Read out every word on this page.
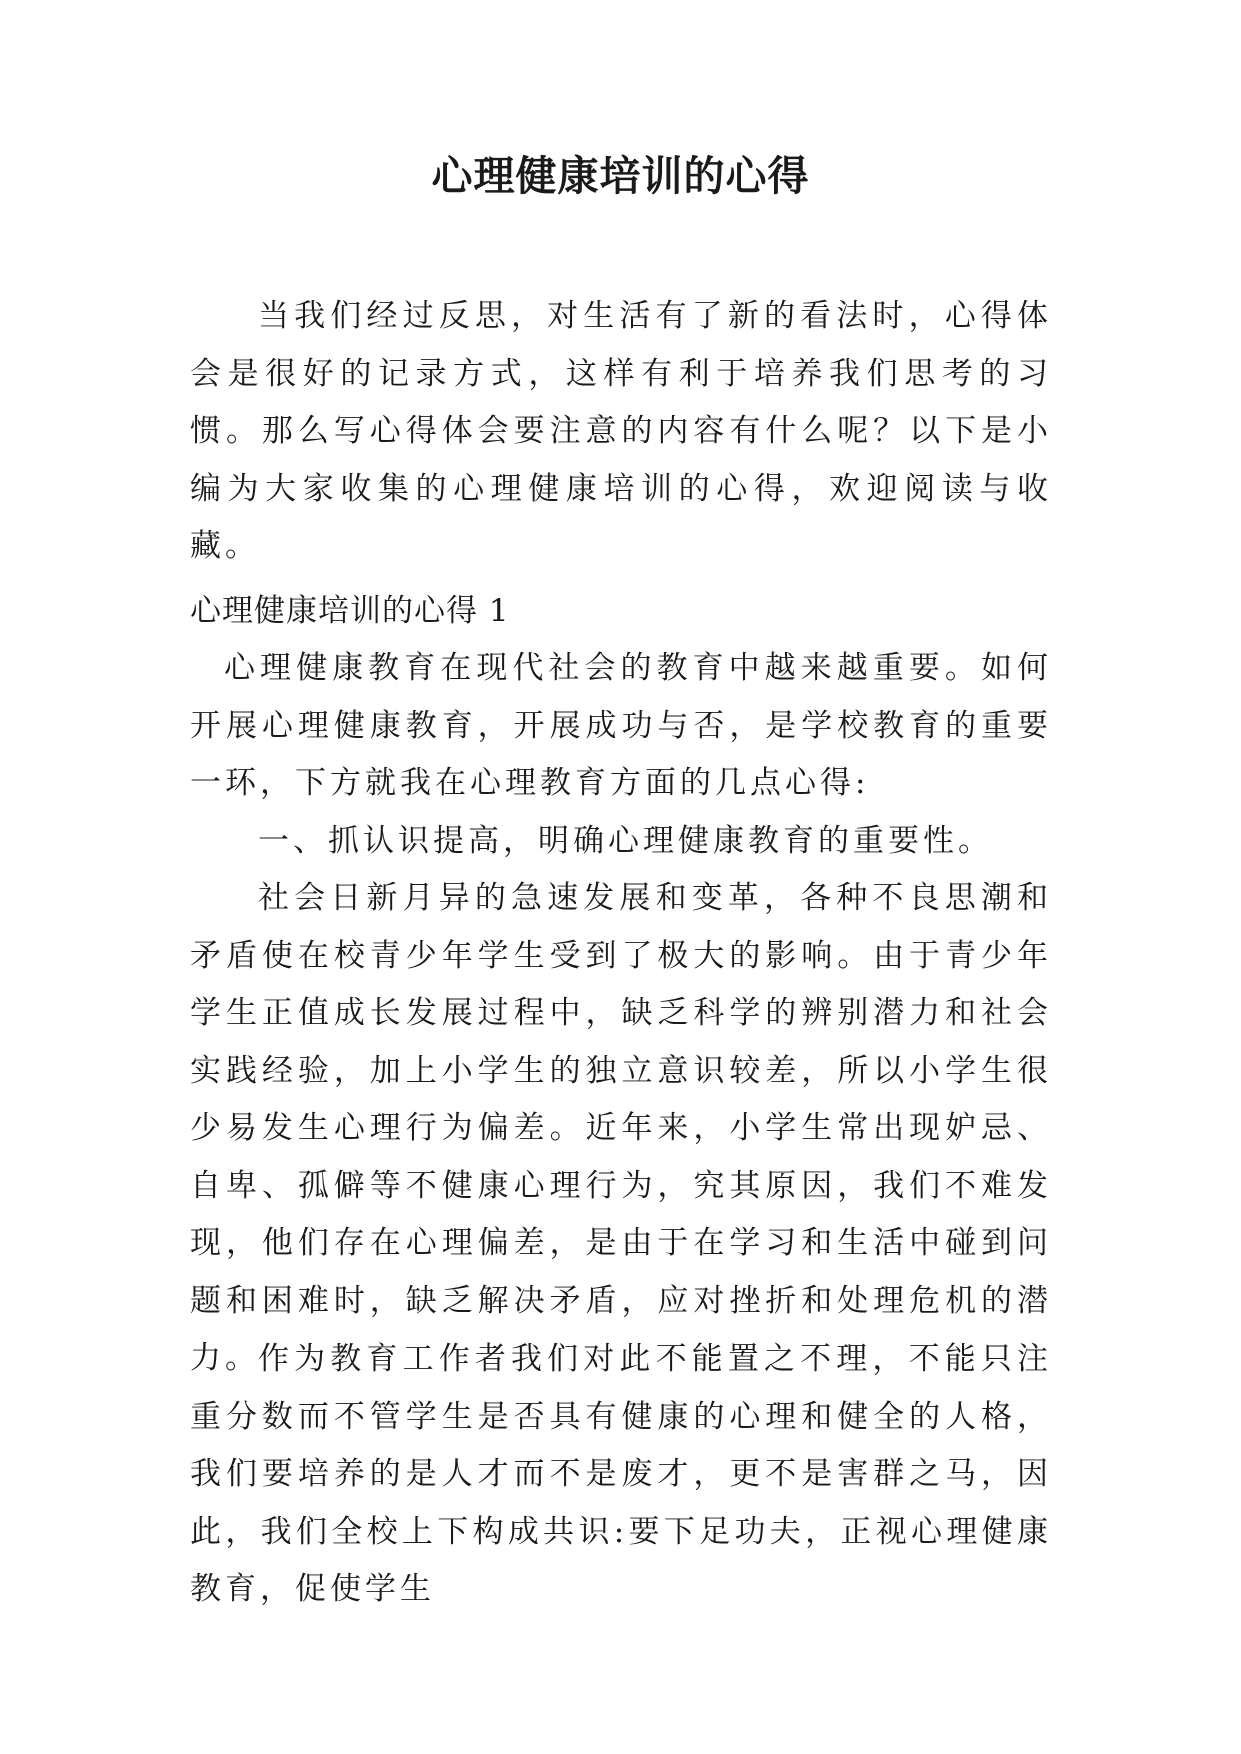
心理健康培训的心得

当我们经过反思，对生活有了新的看法时，心得体会是很好的记录方式，这样有利于培养我们思考的习惯。那么写心得体会要注意的内容有什么呢？以下是小编为大家收集的心理健康培训的心得，欢迎阅读与收藏。

心理健康培训的心得 1

心理健康教育在现代社会的教育中越来越重要。如何开展心理健康教育，开展成功与否，是学校教育的重要一环，下方就我在心理教育方面的几点心得:

一、抓认识提高，明确心理健康教育的重要性。

社会日新月异的急速发展和变革，各种不良思潮和矛盾使在校青少年学生受到了极大的影响。由于青少年学生正值成长发展过程中，缺乏科学的辨别潜力和社会实践经验，加上小学生的独立意识较差，所以小学生很少易发生心理行为偏差。近年来，小学生常出现妒忌、自卑、孤僻等不健康心理行为，究其原因，我们不难发现，他们存在心理偏差，是由于在学习和生活中碰到问题和困难时，缺乏解决矛盾，应对挫折和处理危机的潜力。

作为教育工作者我们对此不能置之不理，不能只注重分数而不管学生是否具有健康的心理和健全的人格，我们要培养的是人才而不是废才，更不是害群之马，因此，我们全校上下构成共识:要下足功夫，正视心理健康教育，促使学生
